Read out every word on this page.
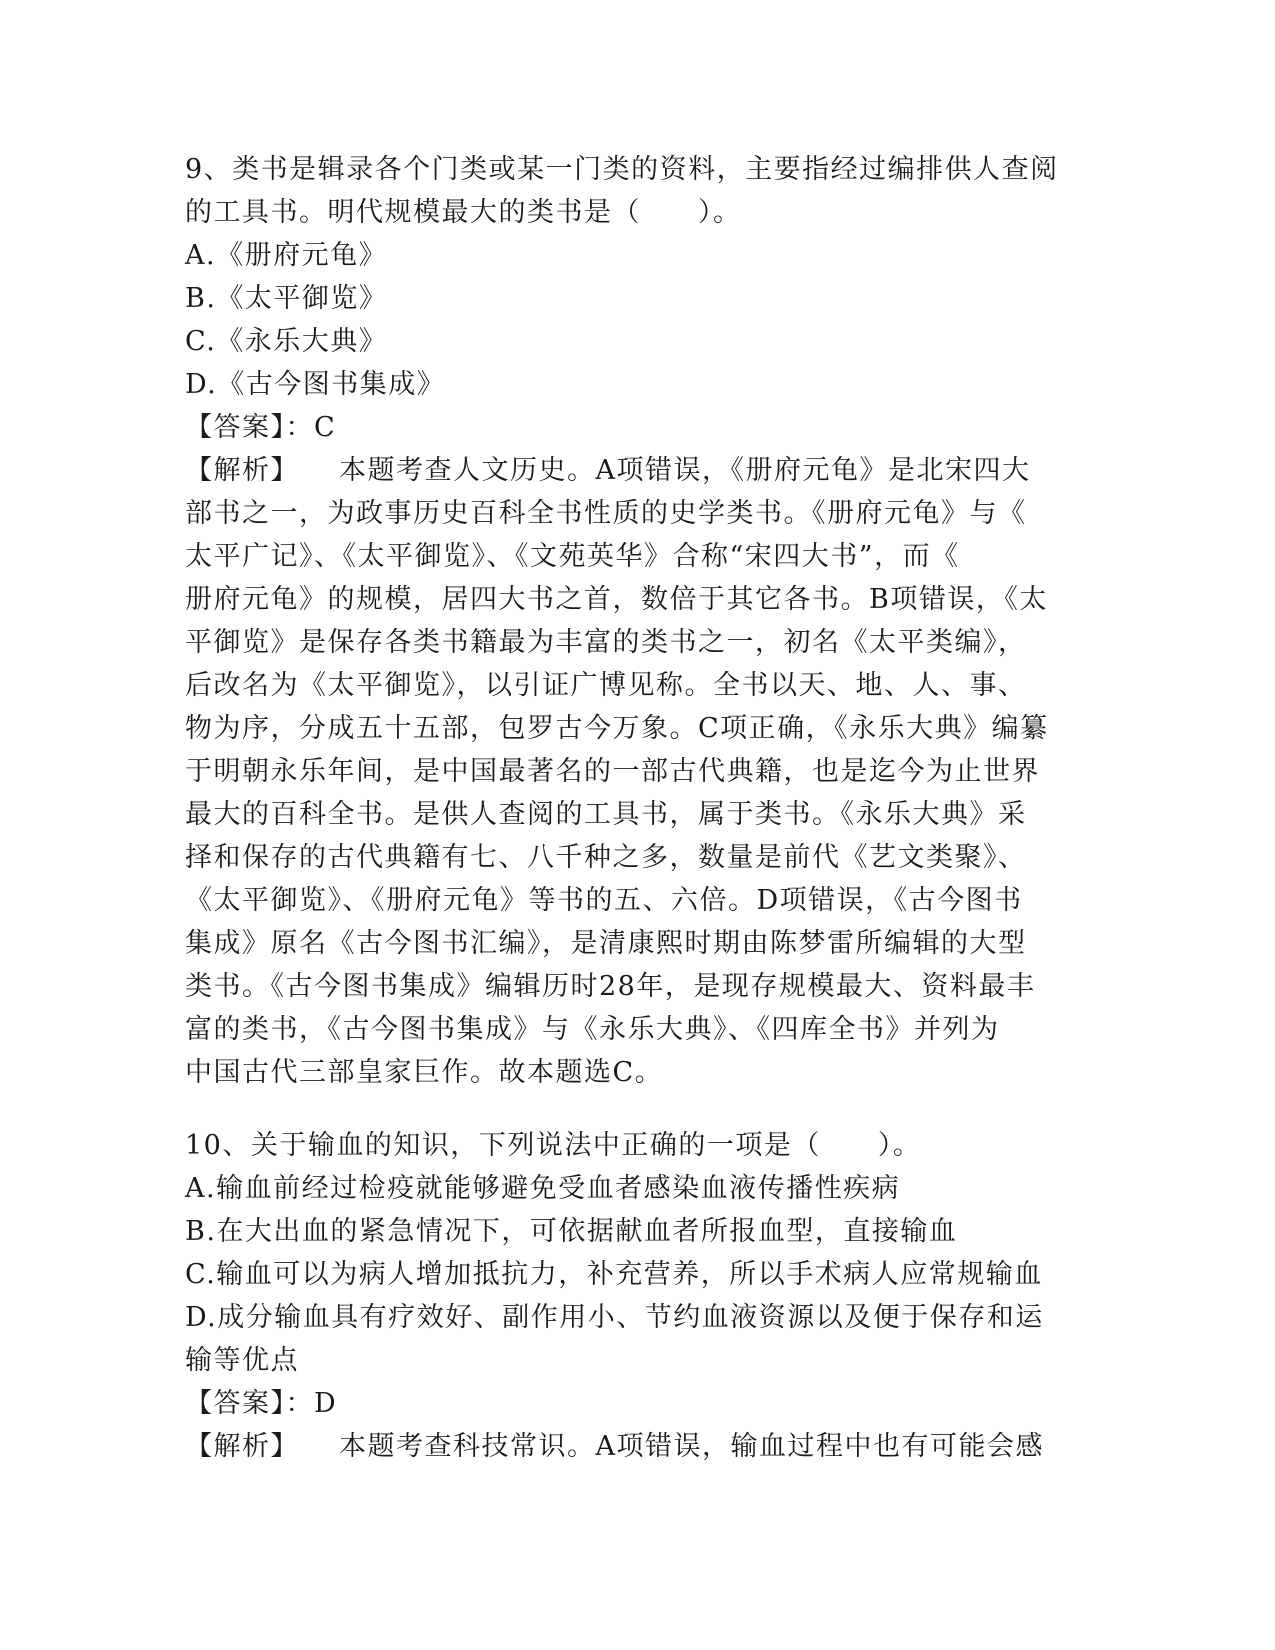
9、类书是辑录各个门类或某一门类的资料，主要指经过编排供人查阅
的工具书。明代规模最大的类书是（　　）。
A.《册府元龟》
B.《太平御览》
C.《永乐大典》
D.《古今图书集成》
【答案】：C
【解析】 本题考查人文历史。A项错误，《册府元龟》是北宋四大
部书之一，为政事历史百科全书性质的史学类书。《册府元龟》与《
太平广记》、《太平御览》、《文苑英华》合称“宋四大书”，而《
册府元龟》的规模，居四大书之首，数倍于其它各书。B项错误，《太
平御览》是保存各类书籍最为丰富的类书之一，初名《太平类编》，
后改名为《太平御览》，以引证广博见称。全书以天、地、人、事、
物为序，分成五十五部，包罗古今万象。C项正确，《永乐大典》编纂
于明朝永乐年间，是中国最著名的一部古代典籍，也是迄今为止世界
最大的百科全书。是供人查阅的工具书，属于类书。《永乐大典》采
择和保存的古代典籍有七、八千种之多，数量是前代《艺文类聚》、
《太平御览》、《册府元龟》等书的五、六倍。D项错误，《古今图书
集成》原名《古今图书汇编》，是清康熙时期由陈梦雷所编辑的大型
类书。《古今图书集成》编辑历时28年，是现存规模最大、资料最丰
富的类书，《古今图书集成》与《永乐大典》、《四库全书》并列为
中国古代三部皇家巨作。故本题选C。
10、关于输血的知识，下列说法中正确的一项是（　　）。
A.输血前经过检疫就能够避免受血者感染血液传播性疾病
B.在大出血的紧急情况下，可依据献血者所报血型，直接输血
C.输血可以为病人增加抵抗力，补充营养，所以手术病人应常规输血
D.成分输血具有疗效好、副作用小、节约血液资源以及便于保存和运
输等优点
【答案】：D
【解析】 本题考查科技常识。A项错误，输血过程中也有可能会感
